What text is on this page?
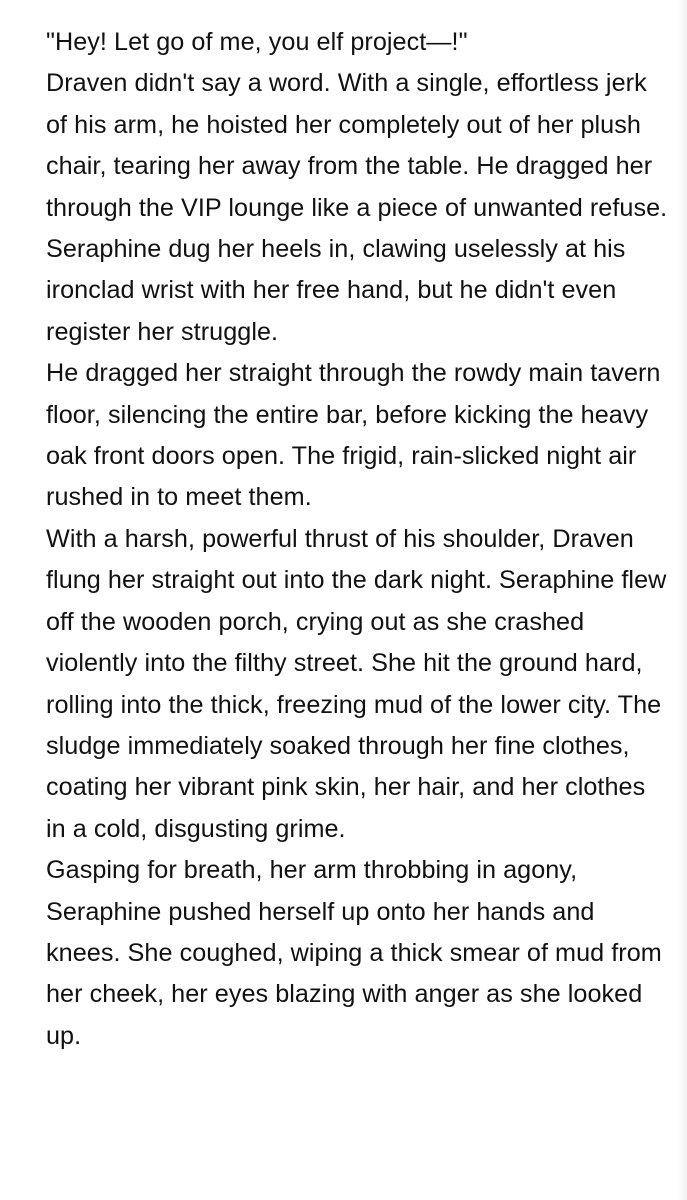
"Hey! Let go of me, you elf project—!"

Draven didn't say a word. With a single, effortless jerk of his arm, he hoisted her completely out of her plush chair, tearing her away from the table. He dragged her through the VIP lounge like a piece of unwanted refuse. Seraphine dug her heels in, clawing uselessly at his ironclad wrist with her free hand, but he didn't even register her struggle.

He dragged her straight through the rowdy main tavern floor, silencing the entire bar, before kicking the heavy oak front doors open. The frigid, rain-slicked night air rushed in to meet them.

With a harsh, powerful thrust of his shoulder, Draven flung her straight out into the dark night. Seraphine flew off the wooden porch, crying out as she crashed violently into the filthy street. She hit the ground hard, rolling into the thick, freezing mud of the lower city. The sludge immediately soaked through her fine clothes, coating her vibrant pink skin, her hair, and her clothes in a cold, disgusting grime.

Gasping for breath, her arm throbbing in agony, Seraphine pushed herself up onto her hands and knees. She coughed, wiping a thick smear of mud from her cheek, her eyes blazing with anger as she looked up.
